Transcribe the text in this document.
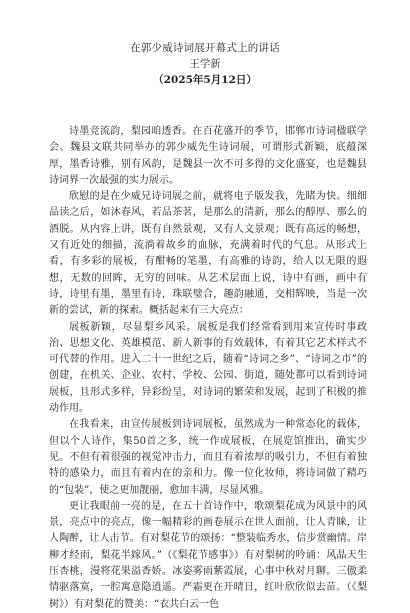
在郭少威诗词展开幕式上的讲话
王学新
（2025年5月12日）

诗墨竞流韵，梨园咱透香。在百花盛开的季节，邯郸市诗词楹联学会、魏县文联共同举办的郭少威先生诗词展，可谓形式新颖，底蕴深厚，墨香诗雅，别有风韵，是魏县一次不可多得的文化盛宴，也是魏县诗词界一次最强的实力展示。

欣慰的是在少威兄诗词展之前，就将电子版发我，先睹为快。细细品读之后，如沐春风，若品茶茗，是那么的清新，那么的醇厚、那么的酒脱。从内容上讲，既有自然景观，又有人文景观；既有高远的畅想，又有近处的细描，流淌着故乡的血脉，充满着时代的气息。从形式上看，有多彩的展板，有酣畅的笔墨，有高雅的诗韵，给人以无限的遐想，无数的回眸，无穷的回味。从艺术层面上说，诗中有画，画中有诗，诗里有墨，墨里有诗，珠联璧合，趣韵融通，交相辉映，当是一次新的尝试，新的探索。概括起来有三大亮点：

展板新颖，尽显梨乡风采。展板是我们经常看到用来宣传时事政治、思想文化、英雄模范、新人新事的有效载体，有着其它艺术样式不可代替的作用。进入二十一世纪之后，随着“诗词之乡”、“诗词之市”的创建，在机关、企业、农村、学校、公园、街道，随处都可以看到诗词展板，且形式多样，异彩纷呈，对诗词的繁荣和发展，起到了积极的推动作用。

在我看来，由宣传展板到诗词展板，虽然成为一种常态化的载体，但以个人诗作，集50首之多，统一作成展板，在展览馆推出，确实少见。不但有着很强的视觉冲击力，而且有着浓厚的吸引力，不但有着独特的感染力，而且有着内在的亲和力。像一位化妆师，将诗词做了精巧的“包装”，使之更加靓丽，愈加丰满，尽显风雅。

更让我眼前一亮的是，在五十首诗作中，歌颂梨花成为风景中的风景，亮点中的亮点，像一幅精彩的画卷展示在世人面前，让人青睐，让人陶醉，让人击节。有对梨花节的颂扬：“整装临秀水，信步赏幽情。岸柳才经雨，梨花半嫁风。”（《梨花节感事》）有对梨树的吟诵：风晶天生压杏桃，漫将花果溢香娇。冰姿雾雨紫霞展，心事中秋对月聊。三傲柔情驱落寞，一腔寓意隐逍遥。严霜更在开晴日，红叶欣欣似去苗。（《梨树》）有对梨花的赞美：“衣共白云一色
